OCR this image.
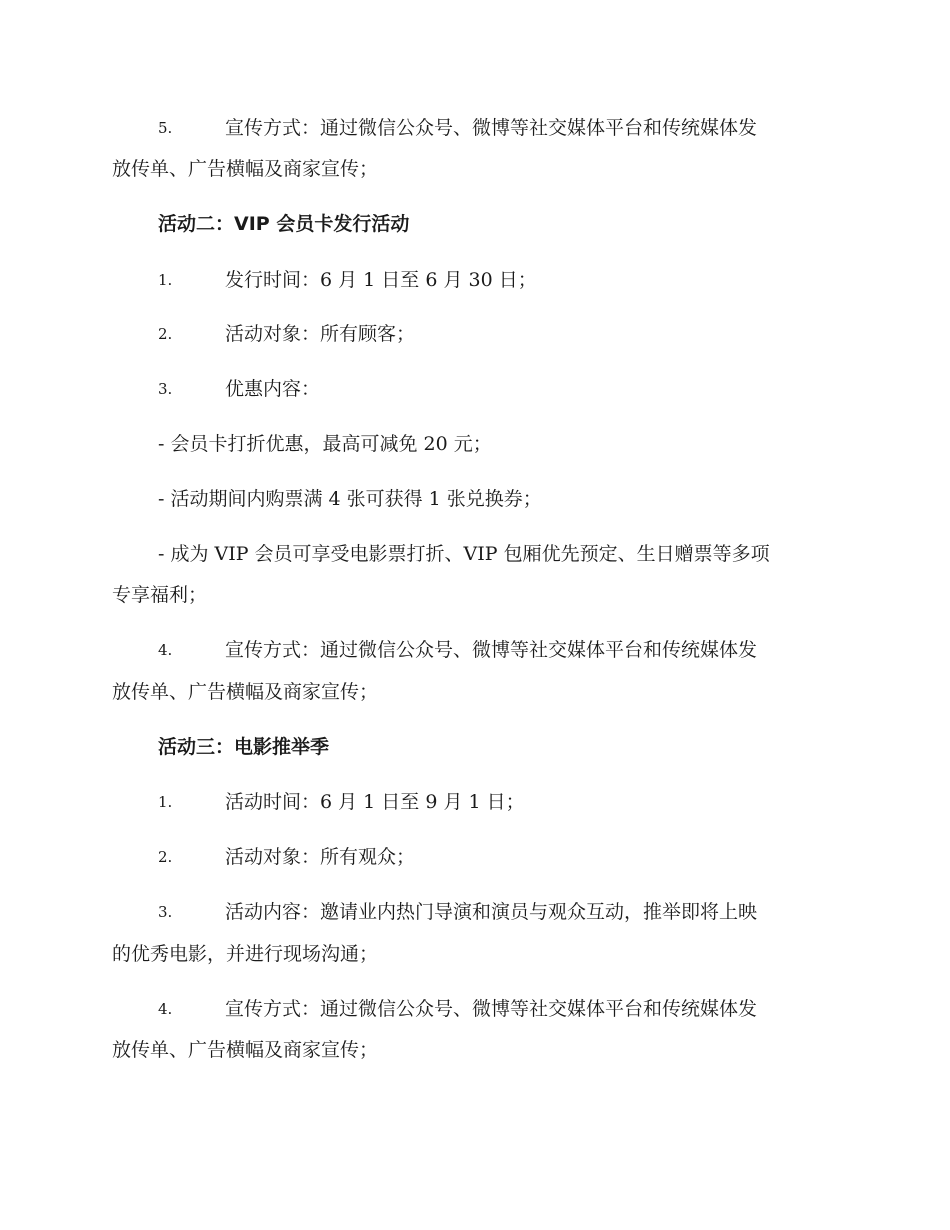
5.	宣传方式：通过微信公众号、微博等社交媒体平台和传统媒体发
放传单、广告横幅及商家宣传；
活动二：VIP 会员卡发行活动
1.	发行时间：6 月 1 日至 6 月 30 日；
2.	活动对象：所有顾客；
3.	优惠内容：
- 会员卡打折优惠，最高可减免 20 元；
- 活动期间内购票满 4 张可获得 1 张兑换券；
- 成为 VIP 会员可享受电影票打折、VIP 包厢优先预定、生日赠票等多项
专享福利；
4.	宣传方式：通过微信公众号、微博等社交媒体平台和传统媒体发
放传单、广告横幅及商家宣传；
活动三：电影推举季
1.	活动时间：6 月 1 日至 9 月 1 日；
2.	活动对象：所有观众；
3.	活动内容：邀请业内热门导演和演员与观众互动，推举即将上映
的优秀电影，并进行现场沟通；
4.	宣传方式：通过微信公众号、微博等社交媒体平台和传统媒体发
放传单、广告横幅及商家宣传；
